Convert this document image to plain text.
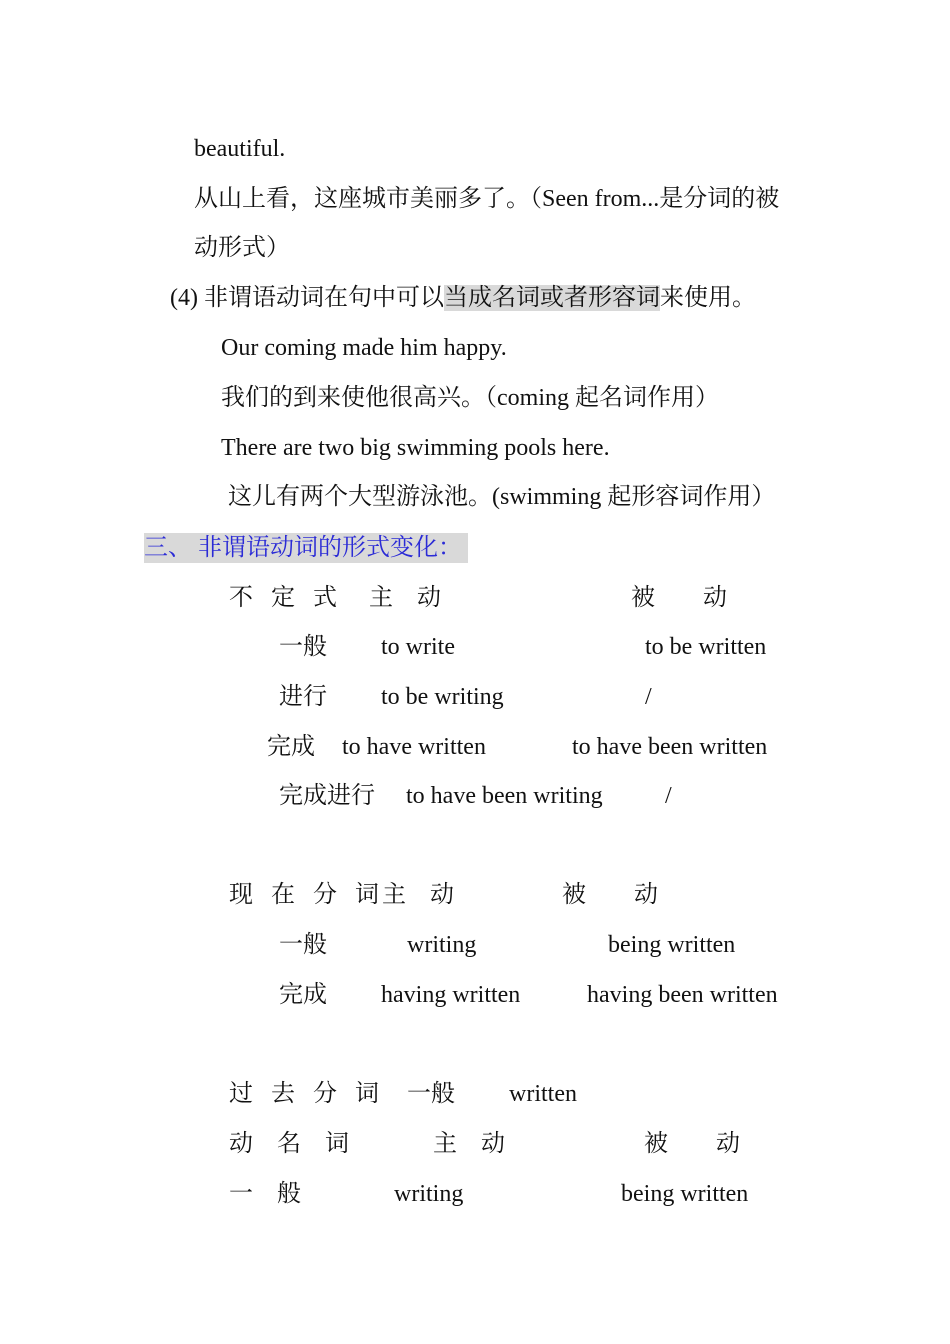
beautiful.
从山上看，这座城市美丽多了。（Seen from...是分词的被
动形式）
(4) 非谓语动词在句中可以当成名词或者形容词来使用。
Our coming made him happy.
我们的到来使他很高兴。（coming 起名词作用）
There are two big swimming pools here.
这儿有两个大型游泳池。(swimming 起形容词作用）
三、 非谓语动词的形式变化：
不 定 式 主　动	被　　动
一般 to write	to be written
进行 to be writing	/
完成 to have written	to have been written
完成进行 to have been writing	/
现 在 分 词
主　动	被　　动
一般	writing	being written
完成 having written	having been written
过 去 分 词 一般 written
动　名　词	主　动	被　　动
一　般	writing	being written
